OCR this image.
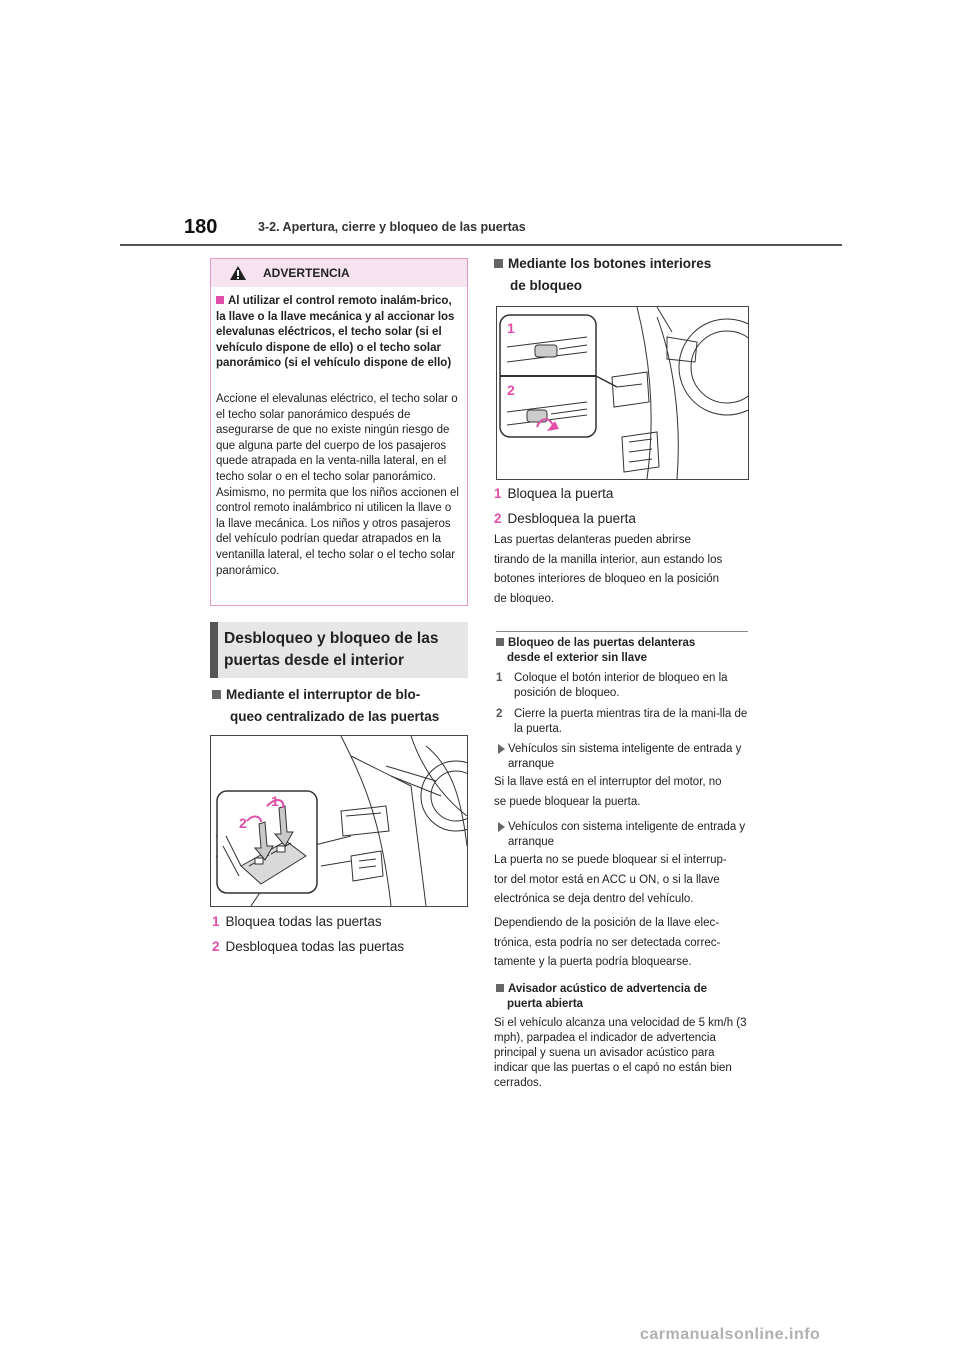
180	3-2. Apertura, cierre y bloqueo de las puertas
ADVERTENCIA
Al utilizar el control remoto inalám-brico, la llave o la llave mecánica y al accionar los elevalunas eléctricos, el techo solar (si el vehículo dispone de ello) o el techo solar panorámico (si el vehículo dispone de ello)
Accione el elevalunas eléctrico, el techo solar o el techo solar panorámico después de asegurarse de que no existe ningún riesgo de que alguna parte del cuerpo de los pasajeros quede atrapada en la venta-nilla lateral, en el techo solar o en el techo solar panorámico. Asimismo, no permita que los niños accionen el control remoto inalámbrico ni utilicen la llave o la llave mecánica. Los niños y otros pasajeros del vehículo podrían quedar atrapados en la ventanilla lateral, el techo solar o el techo solar panorámico.
Desbloqueo y bloqueo de las
puertas desde el interior
Mediante el interruptor de blo-
queo centralizado de las puertas
1
2
1 Bloquea todas las puertas
2 Desbloquea todas las puertas
Mediante los botones interiores
de bloqueo
1
2
1 Bloquea la puerta
2 Desbloquea la puerta
Las puertas delanteras pueden abrirse
tirando de la manilla interior, aun estando los
botones interiores de bloqueo en la posición
de bloqueo.
Bloqueo de las puertas delanteras
desde el exterior sin llave
1 Coloque el botón interior de bloqueo en la posición de bloqueo.
2 Cierre la puerta mientras tira de la mani-lla de la puerta.
Vehículos sin sistema inteligente de entrada y arranque
Si la llave está en el interruptor del motor, no
se puede bloquear la puerta.
Vehículos con sistema inteligente de entrada y arranque
La puerta no se puede bloquear si el interrup-
tor del motor está en ACC u ON, o si la llave
electrónica se deja dentro del vehículo.
Dependiendo de la posición de la llave elec-
trónica, esta podría no ser detectada correc-
tamente y la puerta podría bloquearse.
Avisador acústico de advertencia de
puerta abierta
Si el vehículo alcanza una velocidad de 5 km/h (3 mph), parpadea el indicador de advertencia principal y suena un avisador acústico para indicar que las puertas o el capó no están bien cerrados.
carmanualsonline.info
